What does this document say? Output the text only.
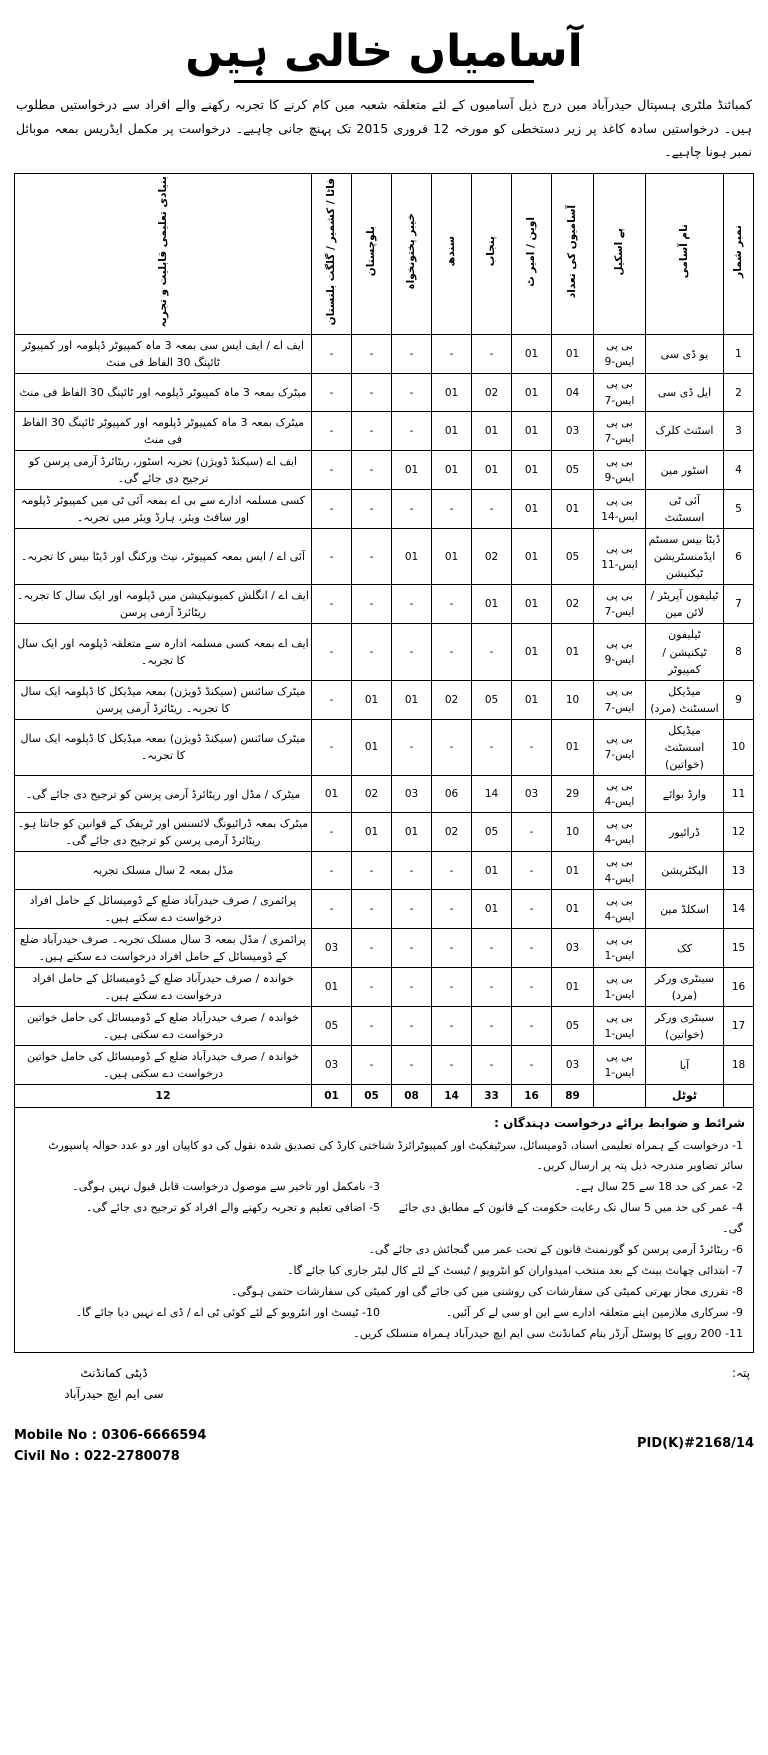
آسامیاں خالی ہیں
کمبائنڈ ملٹری ہسپتال حیدرآباد میں درج ذیل آسامیوں کے لئے متعلقہ شعبہ میں کام کرنے کا تجربہ رکھنے والے افراد سے درخواستیں مطلوب ہیں۔ درخواستیں سادہ کاغذ پر زیر دستخطی کو مورخہ 12 فروری 2015 تک پہنچ جانی چاہیے۔ درخواست پر مکمل ایڈریس بمعہ موبائل نمبر ہونا چاہیے۔
نمبر شمار	نام آسامی	پے اسکیل	آسامیوں کی تعداد	اوین / امیر ٹ	پنجاب	سندھ	خیبر پختونخواہ	بلوچستان	فاٹا / کشمیر / گلگت بلتستان	بنیادی تعلیمی قابلیت و تجربہ
1	یو ڈی سی	بی پی ایس-9	01	01	-	-	-	-	-	ایف اے / ایف ایس سی بمعہ 3 ماہ کمپیوٹر ڈپلومہ اور کمپیوٹر ٹائپنگ 30 الفاظ فی منٹ
2	ایل ڈی سی	بی پی ایس-7	04	01	02	01	-	-	-	میٹرک بمعہ 3 ماہ کمپیوٹر ڈپلومہ اور ٹائپنگ 30 الفاظ فی منٹ
3	اسٹنٹ کلرک	بی پی ایس-7	03	01	01	01	-	-	-	میٹرک بمعہ 3 ماہ کمپیوٹر ڈپلومہ اور کمپیوٹر ٹائپنگ 30 الفاظ فی منٹ
4	اسٹور مین	بی پی ایس-9	05	01	01	01	01	-	-	ایف اے (سیکنڈ ڈویژن) تجربہ اسٹور، ریٹائرڈ آرمی پرسن کو ترجیح دی جائے گی۔
5	آئی ٹی اسسٹنٹ	بی پی ایس-14	01	01	-	-	-	-	-	کسی مسلمہ ادارے سے بی اے بمعہ آئی ٹی میں کمپیوٹر ڈپلومہ اور سافٹ ویئر، ہارڈ ویئر میں تجربہ۔
6	ڈیٹا بیس سسٹم ایڈمنسٹریشن ٹیکنیشن	بی پی ایس-11	05	01	02	01	01	-	-	آئی اے / ایس بمعہ کمپیوٹر، نیٹ ورکنگ اور ڈیٹا بیس کا تجربہ۔
7	ٹیلیفون آپریٹر / لائن مین	بی پی ایس-7	02	01	01	-	-	-	-	ایف اے / انگلش کمیونیکیشن میں ڈپلومہ اور ایک سال کا تجربہ۔ ریٹائرڈ آرمی پرسن
8	ٹیلیفون ٹیکنیشن / کمپیوٹر	بی پی ایس-9	01	01	-	-	-	-	-	ایف اے بمعہ کسی مسلمہ ادارہ سے متعلقہ ڈپلومہ اور ایک سال کا تجربہ۔
9	میڈیکل اسسٹنٹ (مرد)	بی پی ایس-7	10	01	05	02	01	01	-	میٹرک سائنس (سیکنڈ ڈویژن) بمعہ میڈیکل کا ڈپلومہ ایک سال کا تجربہ۔ ریٹائرڈ آرمی پرسن
10	میڈیکل اسسٹنٹ (خواتین)	بی پی ایس-7	01	-	-	-	-	01	-	میٹرک سائنس (سیکنڈ ڈویژن) بمعہ میڈیکل کا ڈپلومہ ایک سال کا تجربہ۔
11	وارڈ بوائے	بی پی ایس-4	29	03	14	06	03	02	01	میٹرک / مڈل اور ریٹائرڈ آرمی پرسن کو ترجیح دی جائے گی۔
12	ڈرائیور	بی پی ایس-4	10	-	05	02	01	01	-	میٹرک بمعہ ڈرائیونگ لائسنس اور ٹریفک کے قوانین کو جانتا ہو۔ ریٹائرڈ آرمی پرسن کو ترجیح دی جائے گی۔
13	الیکٹریشن	بی پی ایس-4	01	-	01	-	-	-	-	مڈل بمعہ 2 سال مسلک تجربہ
14	اسکلڈ مین	بی پی ایس-4	01	-	01	-	-	-	-	پرائمری / صرف حیدرآباد ضلع کے ڈومیسائل کے حامل افراد درخواست دے سکتے ہیں۔
15	کک	بی پی ایس-1	03	-	-	-	-	-	03	پرائمری / مڈل بمعہ 3 سال مسلک تجربہ۔ صرف حیدرآباد ضلع کے ڈومیسائل کے حامل افراد درخواست دے سکتے ہیں۔
16	سینٹری ورکر (مرد)	بی پی ایس-1	01	-	-	-	-	-	01	خواندہ / صرف حیدرآباد ضلع کے ڈومیسائل کے حامل افراد درخواست دے سکتے ہیں۔
17	سینٹری ورکر (خواتین)	بی پی ایس-1	05	-	-	-	-	-	05	خواندہ / صرف حیدرآباد ضلع کے ڈومیسائل کی حامل خواتین درخواست دے سکتی ہیں۔
18	آیا	بی پی ایس-1	03	-	-	-	-	-	03	خواندہ / صرف حیدرآباد ضلع کے ڈومیسائل کی حامل خواتین درخواست دے سکتی ہیں۔
	ٹوٹل		89	16	33	14	08	05	01	12
شرائط و ضوابط برائے درخواست دہندگان :
1- درخواست کے ہمراہ تعلیمی اسناد، ڈومیسائل، سرٹیفکیٹ اور کمپیوٹرائزڈ شناختی کارڈ کی تصدیق شدہ نقول کی دو کاپیاں اور دو عدد حوالہ پاسپورٹ سائز تصاویر مندرجہ ذیل پتہ پر ارسال کریں۔
2- عمر کی حد 18 سے 25 سال ہے۔
3- نامکمل اور تاخیر سے موصول درخواست قابل قبول نہیں ہوگی۔
4- عمر کی حد میں 5 سال تک رعایت حکومت کے قانون کے مطابق دی جائے گی۔
5- اضافی تعلیم و تجربہ رکھنے والے افراد کو ترجیح دی جائے گی۔
6- ریٹائرڈ آرمی پرسن کو گورنمنٹ قانون کے تحت عمر میں گنجائش دی جائے گی۔
7- ابتدائی چھانٹ بینٹ کے بعد منتخب امیدواران کو انٹرویو / ٹیسٹ کے لئے کال لیٹر جاری کیا جائے گا۔
8- تقرری مجاز بھرتی کمیٹی کی سفارشات کی روشنی میں کی جائے گی اور کمیٹی کی سفارشات حتمی ہوگی۔
9- سرکاری ملازمین اپنے متعلقہ ادارے سے این او سی لے کر آئیں۔
10- ٹیسٹ اور انٹرویو کے لئے کوئی ٹی اے / ڈی اے نہیں دیا جائے گا۔
11- 200 روپے کا پوسٹل آرڈر بنام کمانڈنٹ سی ایم ایچ حیدرآباد ہمراہ منسلک کریں۔
پتہ:
ڈپٹی کمانڈنٹ
سی ایم ایچ حیدرآباد
Mobile No : 0306-6666594
Civil No : 022-2780078
PID(K)#2168/14
